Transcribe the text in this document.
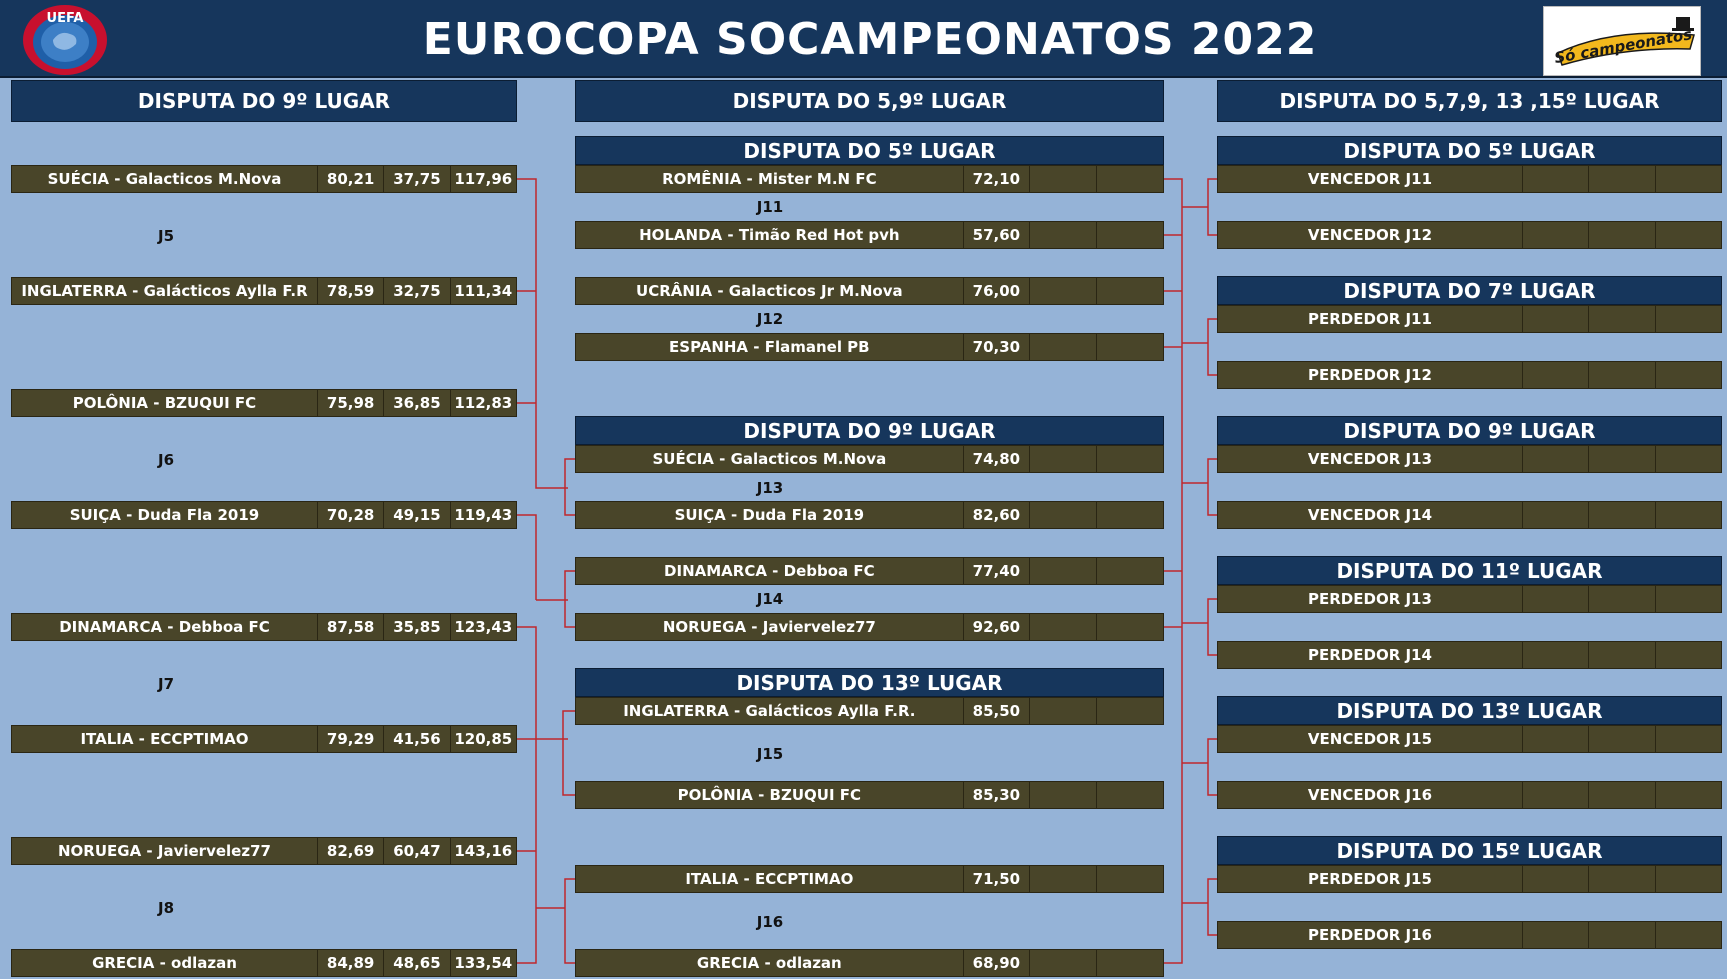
UEFA	EUROCOPA SOCAMPEONATOS 2022	Só campeonatos
DISPUTA DO 9º LUGAR	DISPUTA DO 5,9º LUGAR	DISPUTA DO 5,7,9, 13 ,15º LUGAR
SUÉCIA - Galacticos M.Nova	80,21	37,75 117,96
J5
INGLATERRA - Galácticos Aylla F.R	78,59	32,75 111,34
POLÔNIA - BZUQUI FC	75,98	36,85 112,83
J6
SUIÇA - Duda Fla 2019	70,28	49,15 119,43
DINAMARCA - Debboa FC	87,58	35,85 123,43
J7
ITALIA - ECCPTIMAO	79,29	41,56 120,85
NORUEGA - Javiervelez77	82,69	60,47 143,16
J8
GRECIA - odlazan	84,89	48,65 133,54
DISPUTA DO 5º LUGAR
ROMÊNIA - Mister M.N FC	72,10
J11
HOLANDA - Timão Red Hot pvh	57,60
UCRÂNIA - Galacticos Jr M.Nova	76,00
J12
ESPANHA - Flamanel PB	70,30
DISPUTA DO 9º LUGAR
SUÉCIA - Galacticos M.Nova	74,80
J13
SUIÇA - Duda Fla 2019	82,60
DINAMARCA - Debboa FC	77,40
J14
NORUEGA - Javiervelez77	92,60
DISPUTA DO 13º LUGAR
INGLATERRA - Galácticos Aylla F.R.	85,50
J15
POLÔNIA - BZUQUI FC	85,30
ITALIA - ECCPTIMAO	71,50
J16
GRECIA - odlazan	68,90
DISPUTA DO 5º LUGAR
VENCEDOR J11
VENCEDOR J12
DISPUTA DO 7º LUGAR
PERDEDOR J11
PERDEDOR J12
DISPUTA DO 9º LUGAR
VENCEDOR J13
VENCEDOR J14
DISPUTA DO 11º LUGAR
PERDEDOR J13
PERDEDOR J14
DISPUTA DO 13º LUGAR
VENCEDOR J15
VENCEDOR J16
DISPUTA DO 15º LUGAR
PERDEDOR J15
PERDEDOR J16
